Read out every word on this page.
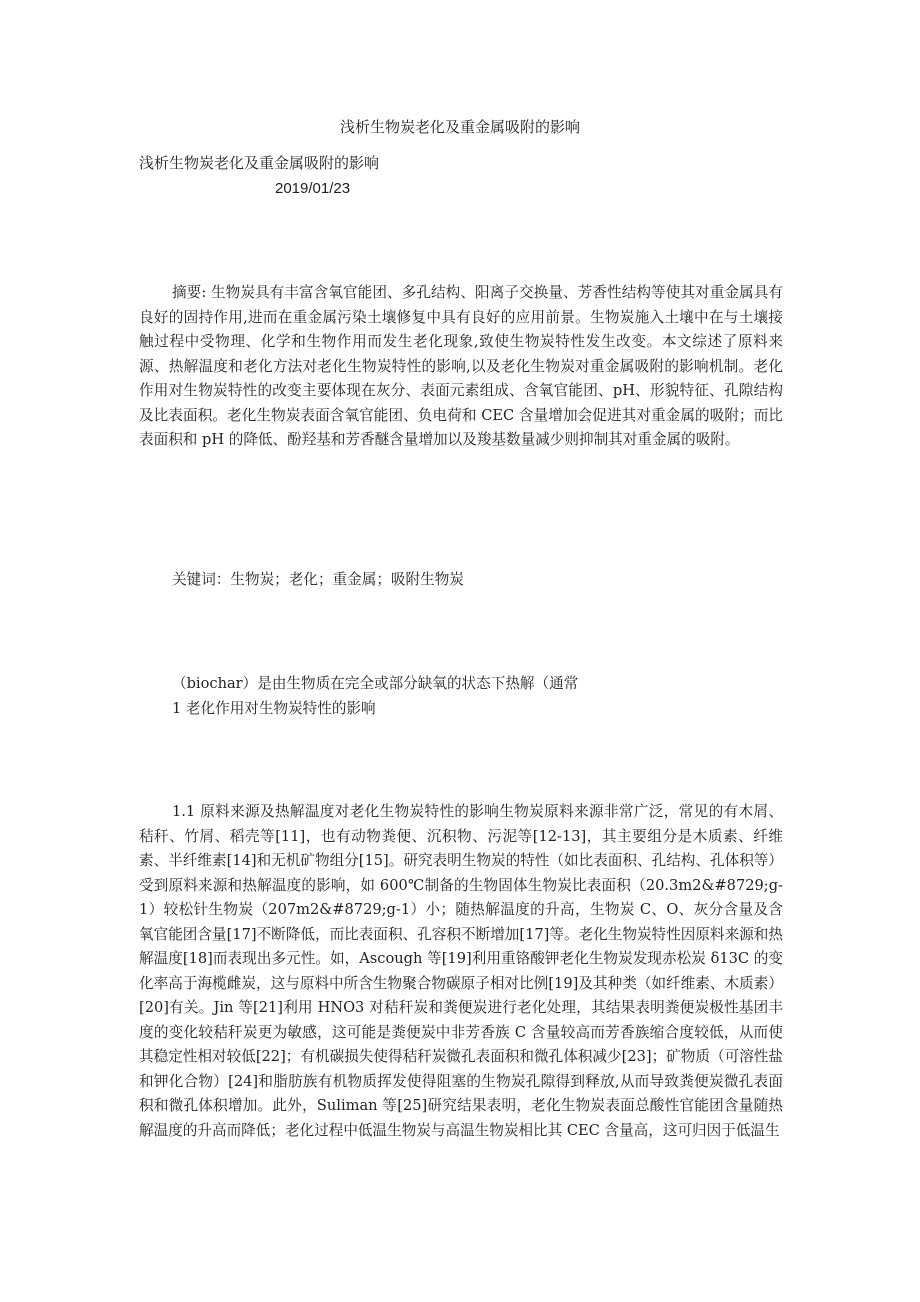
浅析生物炭老化及重金属吸附的影响
浅析生物炭老化及重金属吸附的影响
2019/01/23
摘要: 生物炭具有丰富含氧官能团、多孔结构、阳离子交换量、芳香性结构等使其对重金属具有良好的固持作用,进而在重金属污染土壤修复中具有良好的应用前景。生物炭施入土壤中在与土壤接触过程中受物理、化学和生物作用而发生老化现象,致使生物炭特性发生改变。本文综述了原料来源、热解温度和老化方法对老化生物炭特性的影响,以及老化生物炭对重金属吸附的影响机制。老化作用对生物炭特性的改变主要体现在灰分、表面元素组成、含氧官能团、pH、形貌特征、孔隙结构及比表面积。老化生物炭表面含氧官能团、负电荷和 CEC 含量增加会促进其对重金属的吸附；而比表面积和 pH 的降低、酚羟基和芳香醚含量增加以及羧基数量减少则抑制其对重金属的吸附。
关键词：生物炭；老化；重金属；吸附生物炭
（biochar）是由生物质在完全或部分缺氧的状态下热解（通常
1 老化作用对生物炭特性的影响
1.1 原料来源及热解温度对老化生物炭特性的影响生物炭原料来源非常广泛，常见的有木屑、秸秆、竹屑、稻壳等[11]，也有动物粪便、沉积物、污泥等[12-13]，其主要组分是木质素、纤维素、半纤维素[14]和无机矿物组分[15]。研究表明生物炭的特性（如比表面积、孔结构、孔体积等）受到原料来源和热解温度的影响，如 600℃制备的生物固体生物炭比表面积（20.3m2&#8729;g-1）较松针生物炭（207m2&#8729;g-1）小；随热解温度的升高，生物炭 C、O、灰分含量及含氧官能团含量[17]不断降低，而比表面积、孔容积不断增加[17]等。老化生物炭特性因原料来源和热解温度[18]而表现出多元性。如，Ascough 等[19]利用重铬酸钾老化生物炭发现赤松炭 δ13C 的变化率高于海榄雌炭，这与原料中所含生物聚合物碳原子相对比例[19]及其种类（如纤维素、木质素）[20]有关。Jin 等[21]利用 HNO3 对秸秆炭和粪便炭进行老化处理，其结果表明粪便炭极性基团丰度的变化较秸秆炭更为敏感，这可能是粪便炭中非芳香族 C 含量较高而芳香族缩合度较低，从而使其稳定性相对较低[22]；有机碳损失使得秸秆炭微孔表面积和微孔体积减少[23]；矿物质（可溶性盐和钾化合物）[24]和脂肪族有机物质挥发使得阻塞的生物炭孔隙得到释放,从而导致粪便炭微孔表面积和微孔体积增加。此外，Suliman 等[25]研究结果表明，老化生物炭表面总酸性官能团含量随热解温度的升高而降低；老化过程中低温生物炭与高温生物炭相比其 CEC 含量高，这可归因于低温生
